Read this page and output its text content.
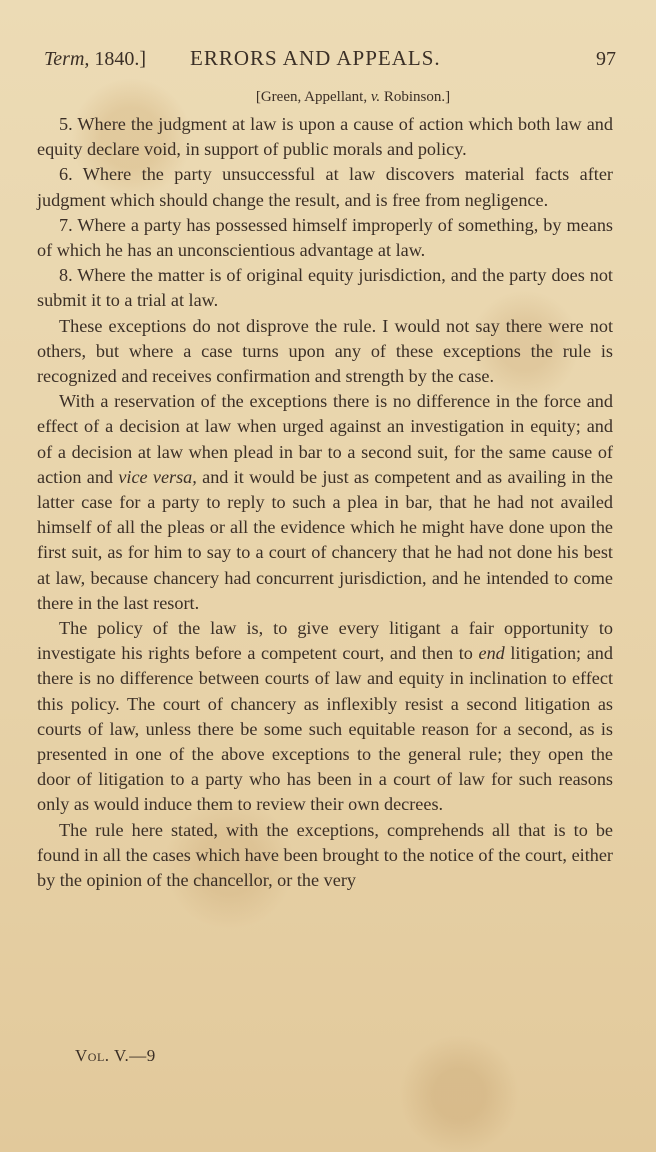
Term, 1840.] ERRORS AND APPEALS.	97
[Green, Appellant, v. Robinson.]

5. Where the judgment at law is upon a cause of action which both law and equity declare void, in support of public morals and policy.

6. Where the party unsuccessful at law discovers material facts after judgment which should change the result, and is free from negligence.

7. Where a party has possessed himself improperly of something, by means of which he has an unconscientious advantage at law.

8. Where the matter is of original equity jurisdiction, and the party does not submit it to a trial at law.

These exceptions do not disprove the rule. I would not say there were not others, but where a case turns upon any of these exceptions the rule is recognized and receives confirmation and strength by the case.

With a reservation of the exceptions there is no difference in the force and effect of a decision at law when urged against an investigation in equity; and of a decision at law when plead in bar to a second suit, for the same cause of action and vice versa, and it would be just as competent and as availing in the latter case for a party to reply to such a plea in bar, that he had not availed himself of all the pleas or all the evidence which he might have done upon the first suit, as for him to say to a court of chancery that he had not done his best at law, because chancery had concurrent jurisdiction, and he intended to come there in the last resort.

The policy of the law is, to give every litigant a fair opportunity to investigate his rights before a competent court, and then to end litigation; and there is no difference between courts of law and equity in inclination to effect this policy. The court of chancery as inflexibly resist a second litigation as courts of law, unless there be some such equitable reason for a second, as is presented in one of the above exceptions to the general rule; they open the door of litigation to a party who has been in a court of law for such reasons only as would induce them to review their own decrees.

The rule here stated, with the exceptions, comprehends all that is to be found in all the cases which have been brought to the notice of the court, either by the opinion of the chancellor, or the very

Vol. V.—9
